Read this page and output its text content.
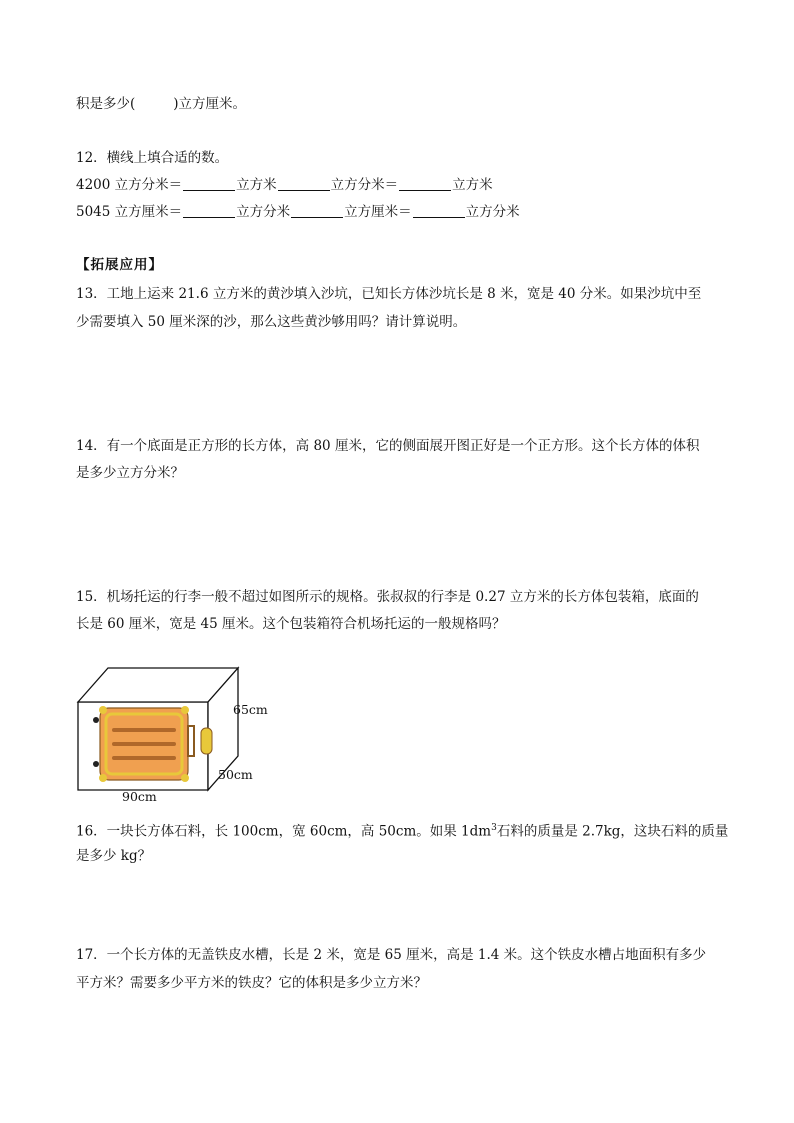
积是多少(	)立方厘米。
12．横线上填合适的数。
4200 立方分米＝	立方米	立方分米＝	立方米
5045 立方厘米＝	立方分米	立方厘米＝	立方分米
【拓展应用】
13．工地上运来 21.6 立方米的黄沙填入沙坑，已知长方体沙坑长是 8 米，宽是 40 分米。如果沙坑中至
少需要填入 50 厘米深的沙，那么这些黄沙够用吗？请计算说明。
14．有一个底面是正方形的长方体，高 80 厘米，它的侧面展开图正好是一个正方形。这个长方体的体积
是多少立方分米？
15．机场托运的行李一般不超过如图所示的规格。张叔叔的行李是 0.27 立方米的长方体包装箱，底面的
长是 60 厘米，宽是 45 厘米。这个包装箱符合机场托运的一般规格吗？
65cm
50cm
90cm
16．一块长方体石料，长 100cm，宽 60cm，高 50cm。如果 $1dm^3$石料的质量是 2.7kg，这块石料的质量
是多少 kg？
17．一个长方体的无盖铁皮水槽，长是 2 米，宽是 65 厘米，高是 1.4 米。这个铁皮水槽占地面积有多少
平方米？需要多少平方米的铁皮？它的体积是多少立方米？
